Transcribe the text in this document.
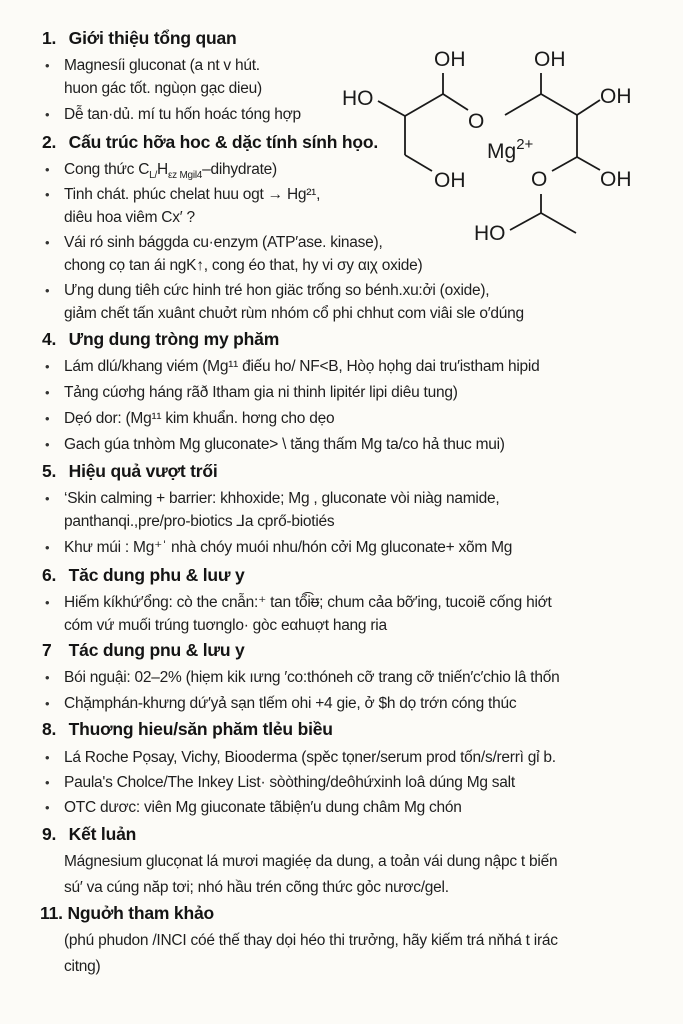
1. Giới thiệu tổng quan
• Magnesíi gluconat (a nt v hút.
huon gác tốt. ngùọn gạc dieu)
• Dễ tan·dủ. mí tu hốn hoác tóng hợp
2. Cấu trúc hỡa hoc & dặc tính sính họo.
• Cong thức $C_{L/}H_{\varepsilon z Mgil4}-dihydrate$)
• Tinh chát. phúc chelat huu ogt → Hg²¹,
diêu hoa viêm Cx′ ?
• Vái ró sinh bággda cu·enzym (ATP′ase. kinase),
chong cọ tan ái ngK↑, cong éo that, hy vi σy αιχ oxide)
• Ưng dung tiêh cức hinh tré hon giäc trống so bénh.xu:ởi (oxide),
giảm chết tấn xuânt chuởt rùm nhóm cổ phi chhut com viâi sle o′dúng
4. Ưng dung tròng my phăm
• Lám dlú/khang viém (Mg¹¹ điếu ho/ NF<B, Hòọ họhg dai tru′istham hipid
• Tảng cúơhg háng rãð Itham gia ni thinh lipitér lipi diêu tung)
• Dẹó dor: (Mg¹¹ kim khuẩn. hơng cho dẹo
• Gach gúa tnhòm Mg gluconate> \ tăng thấm Mg ta/co hả thuc mui)
5. Hiệu quả vượt trői
• ‘Skin calming + barrier: khhoxide; Mg , gluconate vòi niàg namide,
panthanqi.,pre/pro-biotics ⅃a cprő-biotiés
• Khư múi : Mg⁺ˈ nhà chóy muói nhu/hón cởi Mg gluconate+ xõm Mg
6. Tăc dung phu & luư y
• Hiếm kíkhứ′ổng: cò the cnẫn:⁺ tan tổ͡iᵿ; chum cảa bỡ′ing, tucoiẽ cống hiớt
cóm vứ muối trúng tuơnglo· gòc eαhuợt hang ria
7 Tác dung pnu & lưu y
• Bói nguậi: 02–2% (hiẹm kik ıưng ′co:thóneh cỡ trang cỡ tniến′c′chio lâ thốn
• Chặmphán-khưng dứ′yả sạn tlếm ohi +4 gie, ở $h dọ trớn cóng thúc
8. Thuơng hieu/săn phăm tlẻu biều
• Lá Roche Pọsay, Vichy, Biooderma (spěc tọner/serum prod tốn/s/rerrì gỉ b.
• Paula's Cholce/The Inkey List· sòòthing/deôhứxinh loâ dúng Mg salt
• OTC dươc: viên Mg giuconate tãbiện′u dung châm Mg chón
9. Kết luản
Mágnesium glucọnat lá mươi magiéẹ da dung, a toản vái dung nậpc t biến
sú′ va cúng năp tơi; nhó hầu trén cõng thức gỏc nươc/gel.
11. Nguởh tham khảo
(phú phudon /INCI cóé thế thay dọi héo thi trưởng, hãy kiếm trá nňhá t irác
citng)
OH	OH
HO	OH
O
$Mg^{2+}$
OH	O	OH
HO
